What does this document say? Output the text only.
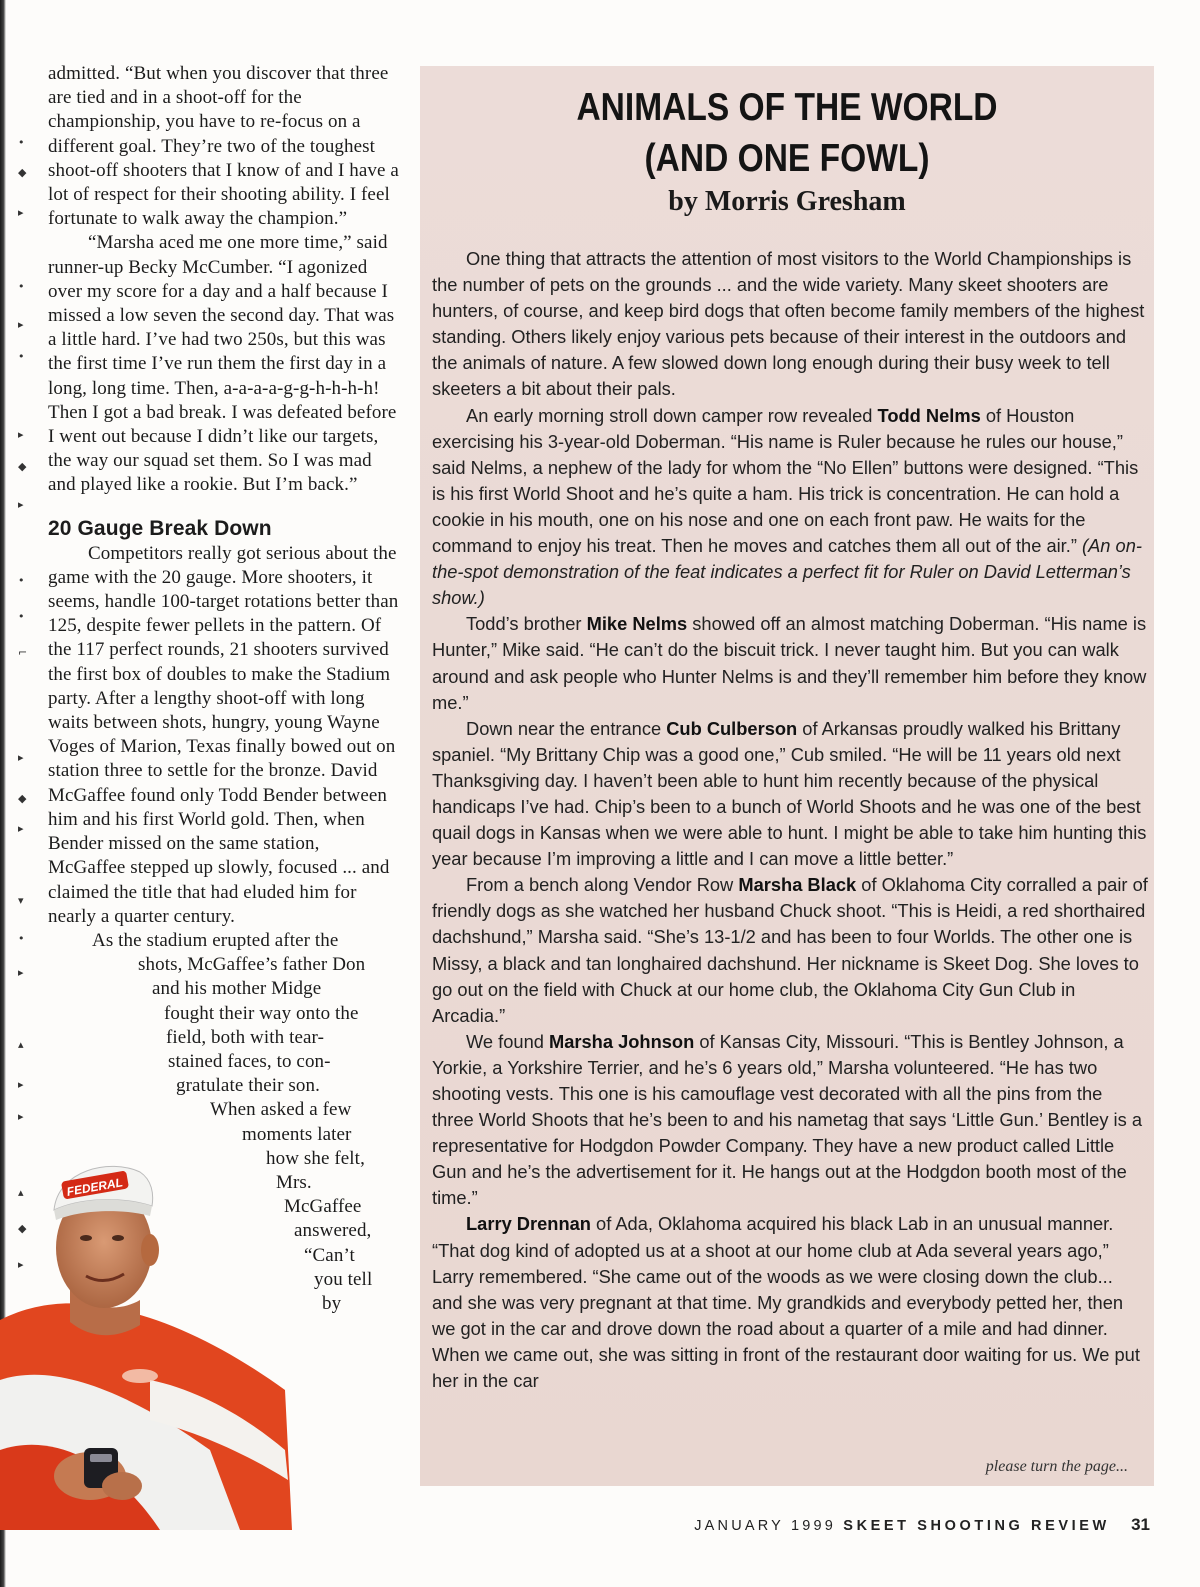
•
◆
▸
•
▸
•
▸
◆
▸
•
•
⌐
▸
◆
▸
▾
•
▸
▴
▸
▸
▴
◆
▸

admitted. “But when you discover that three are tied and in a shoot-off for the championship, you have to re-focus on a different goal. They’re two of the toughest shoot-off shooters that I know of and I have a lot of respect for their shooting ability. I feel fortunate to walk away the champion.”

“Marsha aced me one more time,” said runner-up Becky McCumber. “I agonized over my score for a day and a half because I missed a low seven the second day. That was a little hard. I’ve had two 250s, but this was the first time I’ve run them the first day in a long, long time. Then, a-a-a-a-g-g-h-h-h-h! Then I got a bad break. I was defeated before I went out because I didn’t like our targets, the way our squad set them. So I was mad and played like a rookie. But I’m back.”

20 Gauge Break Down

Competitors really got serious about the game with the 20 gauge. More shooters, it seems, handle 100-target rotations better than 125, despite fewer pellets in the pattern. Of the 117 perfect rounds, 21 shooters survived the first box of doubles to make the Stadium party. After a lengthy shoot-off with long waits between shots, hungry, young Wayne Voges of Marion, Texas finally bowed out on station three to settle for the bronze. David McGaffee found only Todd Bender between him and his first World gold. Then, when Bender missed on the same station, McGaffee stepped up slowly, focused ... and claimed the title that had eluded him for nearly a quarter century.

As the stadium erupted after the
shots, McGaffee’s father Don
and his mother Midge
fought their way onto the
field, both with tear-
stained faces, to con-
gratulate their son.
When asked a few
moments later
how she felt,
Mrs.
McGaffee
answered,
“Can’t
you tell
by
FEDERAL
ANIMALS OF THE WORLD
(AND ONE FOWL)
by Morris Gresham

One thing that attracts the attention of most visitors to the World Championships is the number of pets on the grounds ... and the wide variety. Many skeet shooters are hunters, of course, and keep bird dogs that often become family members of the highest standing. Others likely enjoy various pets because of their interest in the outdoors and the animals of nature. A few slowed down long enough during their busy week to tell skeeters a bit about their pals.

An early morning stroll down camper row revealed Todd Nelms of Houston exercising his 3-year-old Doberman. “His name is Ruler because he rules our house,” said Nelms, a nephew of the lady for whom the “No Ellen” buttons were designed. “This is his first World Shoot and he’s quite a ham. His trick is concentration. He can hold a cookie in his mouth, one on his nose and one on each front paw. He waits for the command to enjoy his treat. Then he moves and catches them all out of the air.” (An on-the-spot demonstration of the feat indicates a perfect fit for Ruler on David Letterman’s show.)

Todd’s brother Mike Nelms showed off an almost matching Doberman. “His name is Hunter,” Mike said. “He can’t do the biscuit trick. I never taught him. But you can walk around and ask people who Hunter Nelms is and they’ll remember him before they know me.”

Down near the entrance Cub Culberson of Arkansas proudly walked his Brittany spaniel. “My Brittany Chip was a good one,” Cub smiled. “He will be 11 years old next Thanksgiving day. I haven’t been able to hunt him recently because of the physical handicaps I’ve had. Chip’s been to a bunch of World Shoots and he was one of the best quail dogs in Kansas when we were able to hunt. I might be able to take him hunting this year because I’m improving a little and I can move a little better.”

From a bench along Vendor Row Marsha Black of Oklahoma City corralled a pair of friendly dogs as she watched her husband Chuck shoot. “This is Heidi, a red shorthaired dachshund,” Marsha said. “She’s 13-1/2 and has been to four Worlds. The other one is Missy, a black and tan longhaired dachshund. Her nickname is Skeet Dog. She loves to go out on the field with Chuck at our home club, the Oklahoma City Gun Club in Arcadia.”

We found Marsha Johnson of Kansas City, Missouri. “This is Bentley Johnson, a Yorkie, a Yorkshire Terrier, and he’s 6 years old,” Marsha volunteered. “He has two shooting vests. This one is his camouflage vest decorated with all the pins from the three World Shoots that he’s been to and his nametag that says ‘Little Gun.’ Bentley is a representative for Hodgdon Powder Company. They have a new product called Little Gun and he’s the advertisement for it. He hangs out at the Hodgdon booth most of the time.”

Larry Drennan of Ada, Oklahoma acquired his black Lab in an unusual manner. “That dog kind of adopted us at a shoot at our home club at Ada several years ago,” Larry remembered. “She came out of the woods as we were closing down the club... and she was very pregnant at that time. My grandkids and everybody petted her, then we got in the car and drove down the road about a quarter of a mile and had dinner. When we came out, she was sitting in front of the restaurant door waiting for us. We put her in the car

please turn the page...
JANUARY 1999 SKEET SHOOTING REVIEW 31
